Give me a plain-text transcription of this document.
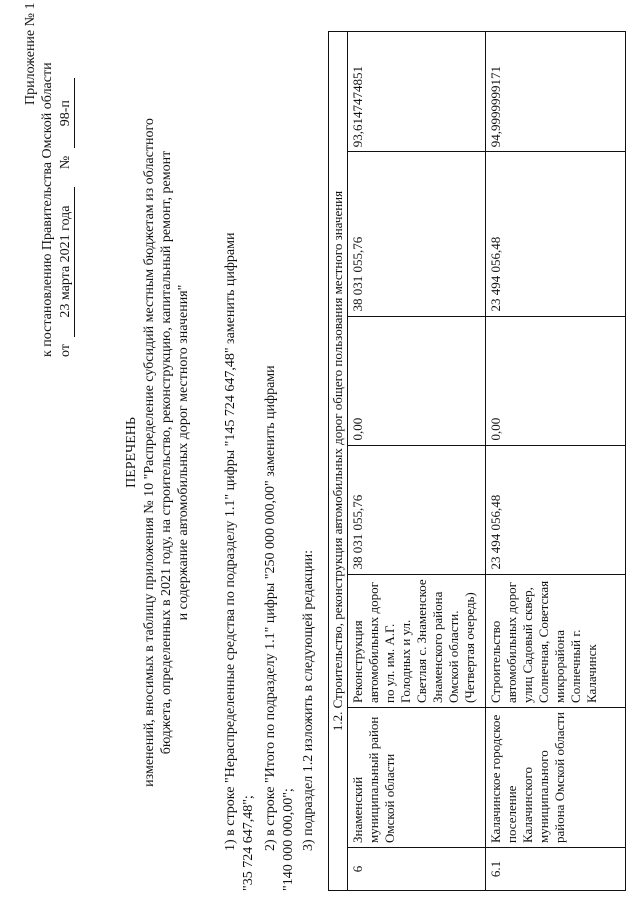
Приложение № 1
к постановлению Правительства Омской области от 23 марта 2021 года № 98-п
ПЕРЕЧЕНЬ изменений, вносимых в таблицу приложения № 10 "Распределение субсидий местным бюджетам из областного бюджета, определенных в 2021 году, на строительство, реконструкцию, капитальный ремонт, ремонт и содержание автомобильных дорог местного значения" 1) в строке "Нераспределенные средства по подразделу 1.1" цифры "145 724 647,48" заменить цифрами "35 724 647,48"; 2) в строке "Итого по подразделу 1.1" цифры "250 000 000,00" заменить цифрами "140 000 000,00"; 3) подраздел 1.2 изложить в следующей редакции: 1.2. Строительство, реконструкция автомобильных дорог общего пользования местного значения						
6	Знаменский муниципальный район Омской области	Реконструкция автомобильных дорог по ул. им. А.Г. Голодных и ул. Светлая с. Знаменское Знаменского района Омской области. (Четвертая очередь)	38 031 055,76	0,00	38 031 055,76	93,6147474851
6.1	Калачинское городское поселение Калачинского муниципального района Омской области	Строительство автомобильных дорог улиц Садовый сквер, Солнечная, Советская микрорайона Солнечный г. Калачинск	23 494 056,48	0,00	23 494 056,48	94,9999999171
